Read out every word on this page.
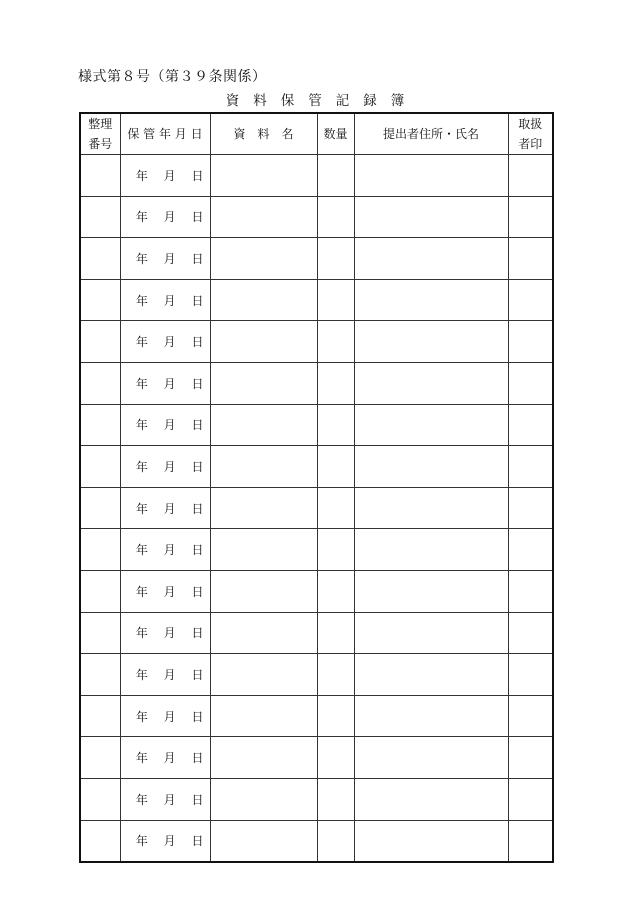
様式第８号（第３９条関係）
資料保管記録簿
整理
番号	保 管 年 月 日	資　料　名	数量	提出者住所・氏名	取扱
者印

	年　 月　 日				
	年　 月　 日				
	年　 月　 日				
	年　 月　 日				
	年　 月　 日				
	年　 月　 日				
	年　 月　 日				
	年　 月　 日				
	年　 月　 日				
	年　 月　 日				
	年　 月　 日				
	年　 月　 日				
	年　 月　 日				
	年　 月　 日				
	年　 月　 日				
	年　 月　 日				
	年　 月　 日				
